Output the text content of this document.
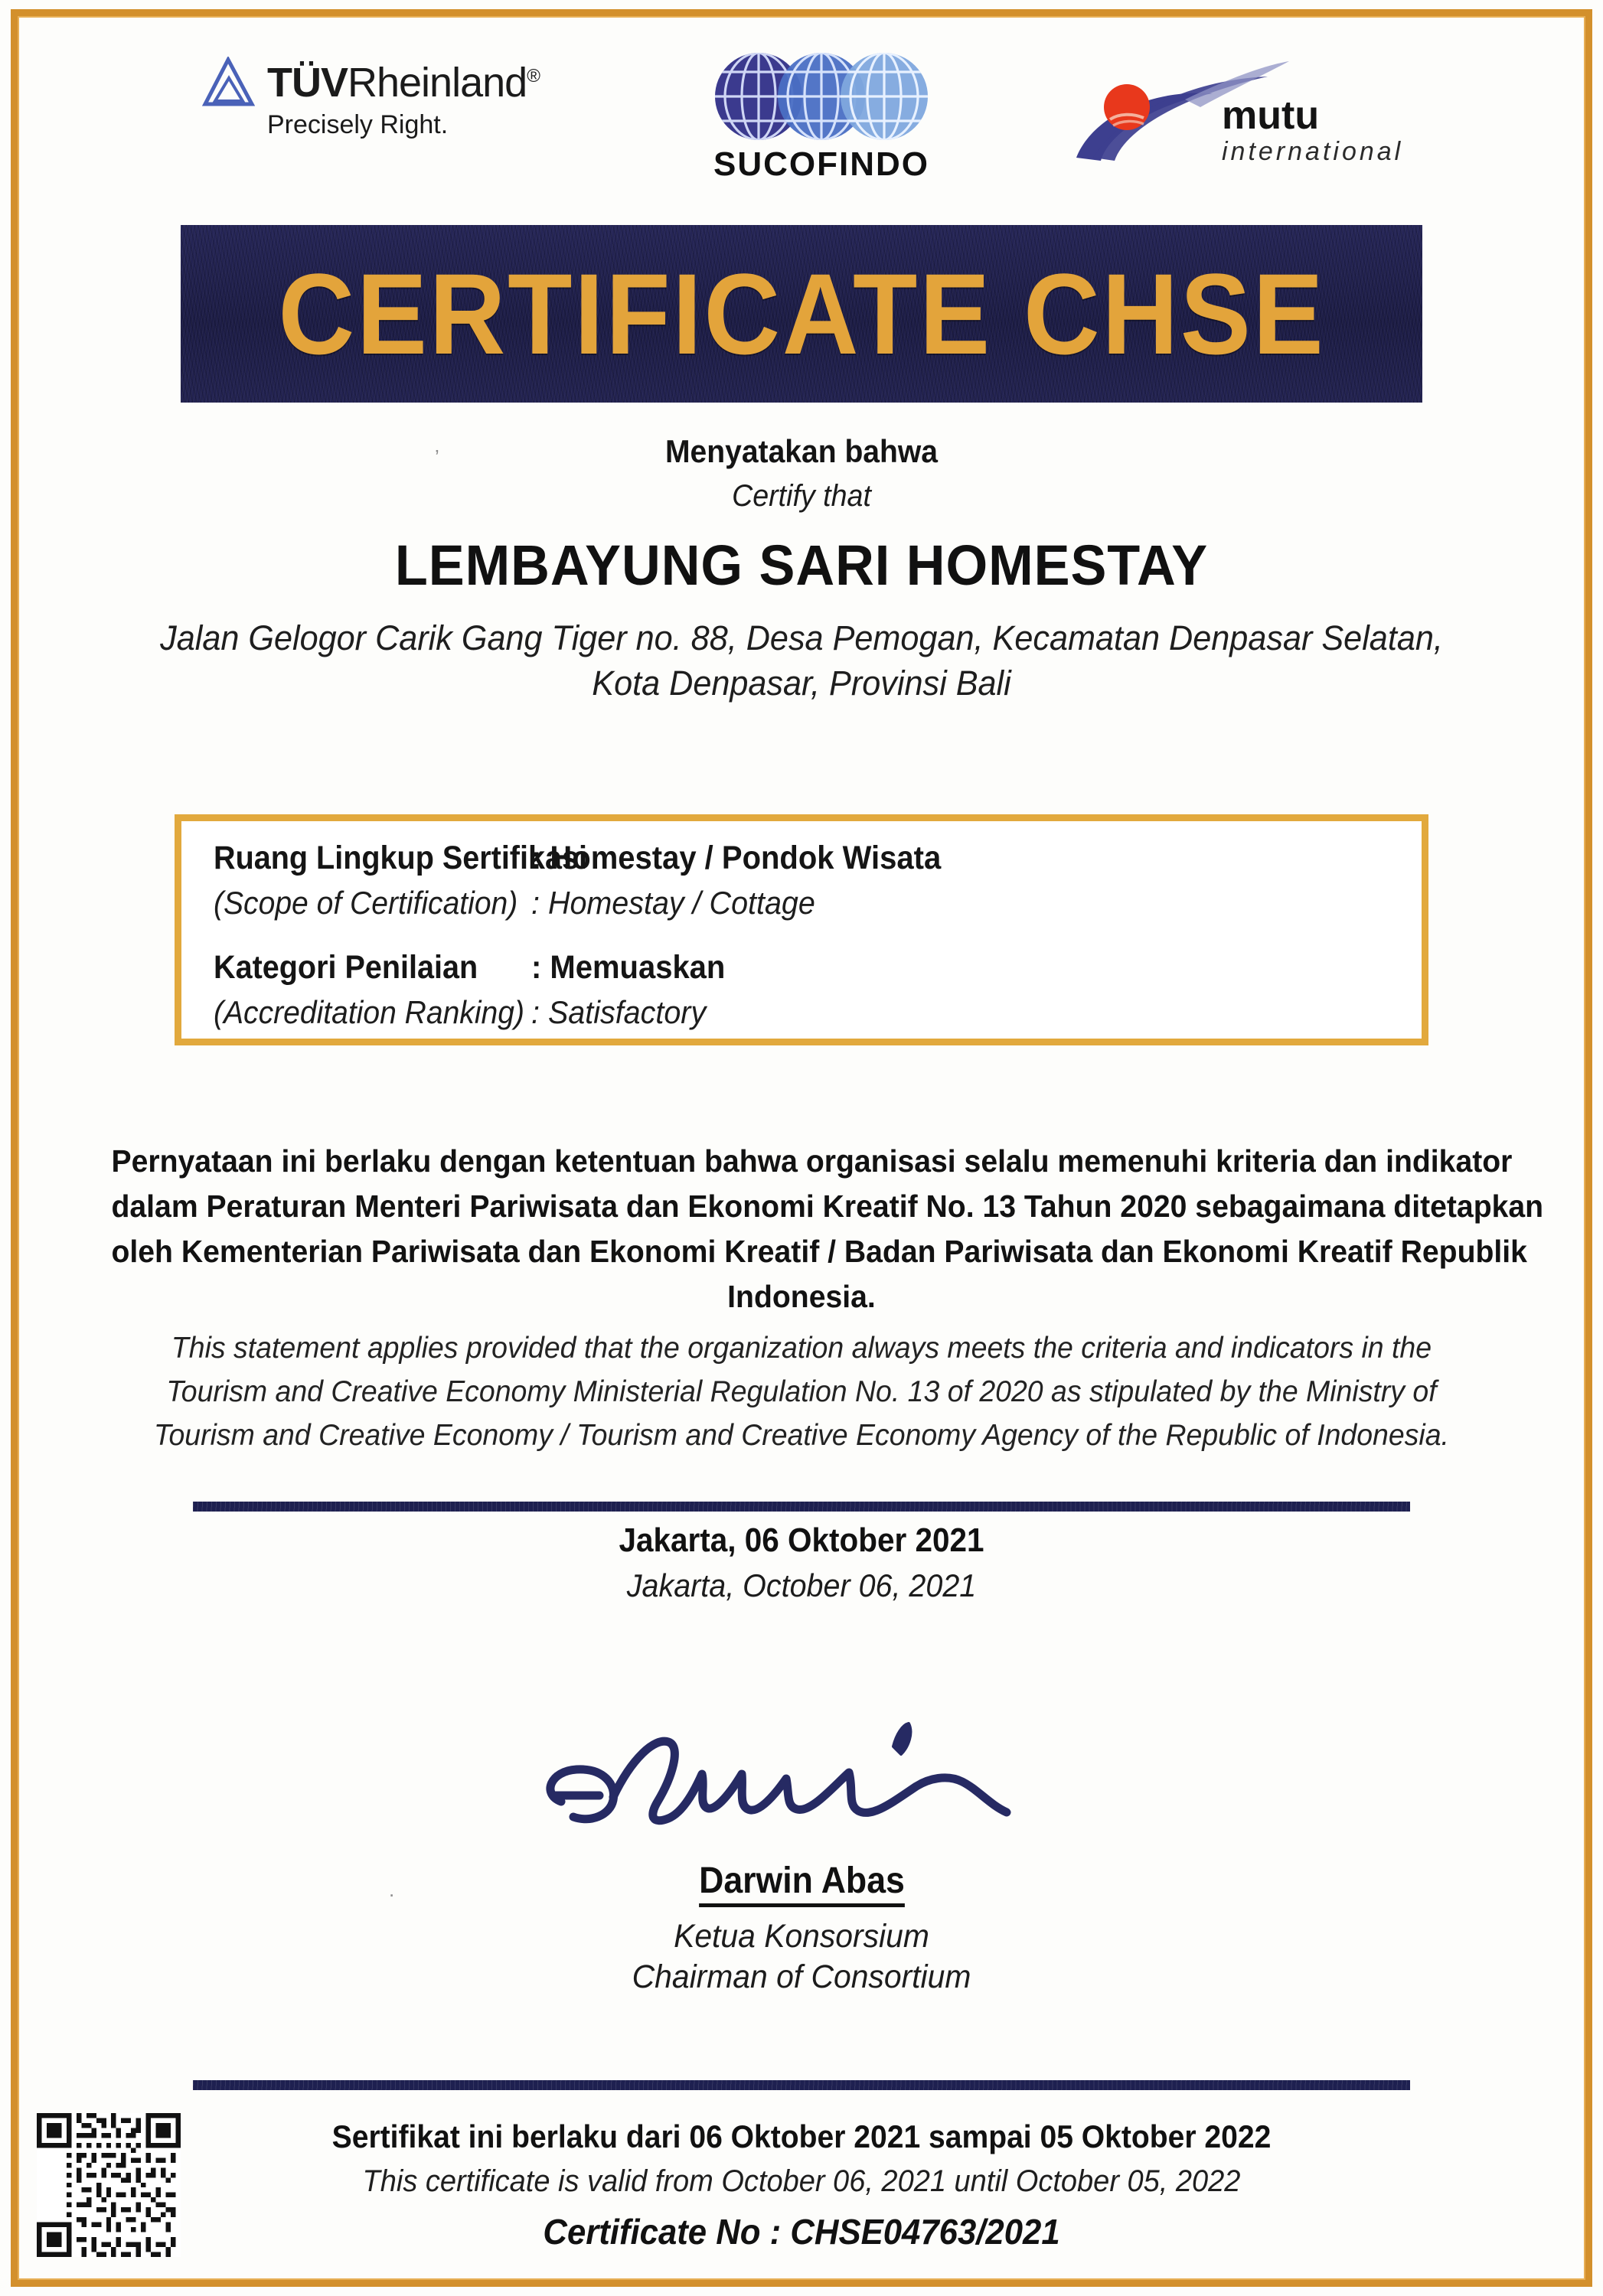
TÜVRheinland®
Precisely Right.
SUCOFINDO
mutu
international
CERTIFICATE CHSE
Menyatakan bahwa
Certify that
LEMBAYUNG SARI HOMESTAY
Jalan Gelogor Carik Gang Tiger no. 88, Desa Pemogan, Kecamatan Denpasar Selatan,
Kota Denpasar, Provinsi Bali
Ruang Lingkup Sertifikasi
: Homestay / Pondok Wisata
(Scope of Certification) : Homestay / Cottage
Kategori Penilaian	: Memuaskan
(Accreditation Ranking) : Satisfactory
Pernyataan ini berlaku dengan ketentuan bahwa organisasi selalu memenuhi kriteria dan indikator
dalam Peraturan Menteri Pariwisata dan Ekonomi Kreatif No. 13 Tahun 2020 sebagaimana ditetapkan
oleh Kementerian Pariwisata dan Ekonomi Kreatif / Badan Pariwisata dan Ekonomi Kreatif Republik
Indonesia.
This statement applies provided that the organization always meets the criteria and indicators in the
Tourism and Creative Economy Ministerial Regulation No. 13 of 2020 as stipulated by the Ministry of
Tourism and Creative Economy / Tourism and Creative Economy Agency of the Republic of Indonesia.
Jakarta, 06 Oktober 2021
Jakarta, October 06, 2021
Darwin Abas
Ketua Konsorsium
Chairman of Consortium
Sertifikat ini berlaku dari 06 Oktober 2021 sampai 05 Oktober 2022
This certificate is valid from October 06, 2021 until October 05, 2022
Certificate No : CHSE04763/2021
’
.
